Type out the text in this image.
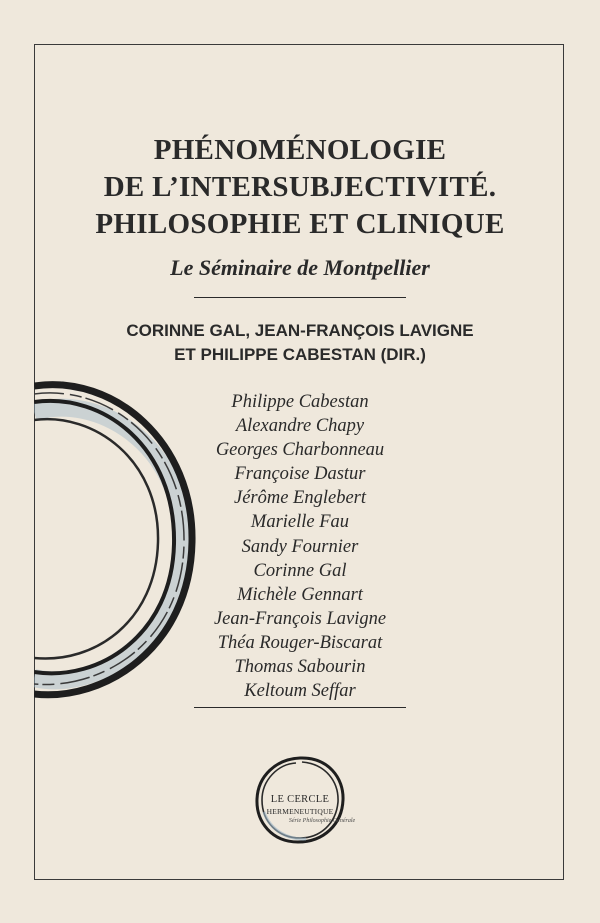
PHÉNOMÉNOLOGIE
DE L’INTERSUBJECTIVITÉ.
PHILOSOPHIE ET CLINIQUE
Le Séminaire de Montpellier
CORINNE GAL, JEAN-FRANÇOIS LAVIGNE
ET PHILIPPE CABESTAN (DIR.)
Philippe Cabestan
Alexandre Chapy
Georges Charbonneau
Françoise Dastur
Jérôme Englebert
Marielle Fau
Sandy Fournier
Corinne Gal
Michèle Gennart
Jean-François Lavigne
Théa Rouger-Biscarat
Thomas Sabourin
Keltoum Seffar
LE CERCLE
HERMENEUTIQUE
Série Philosophie Générale
